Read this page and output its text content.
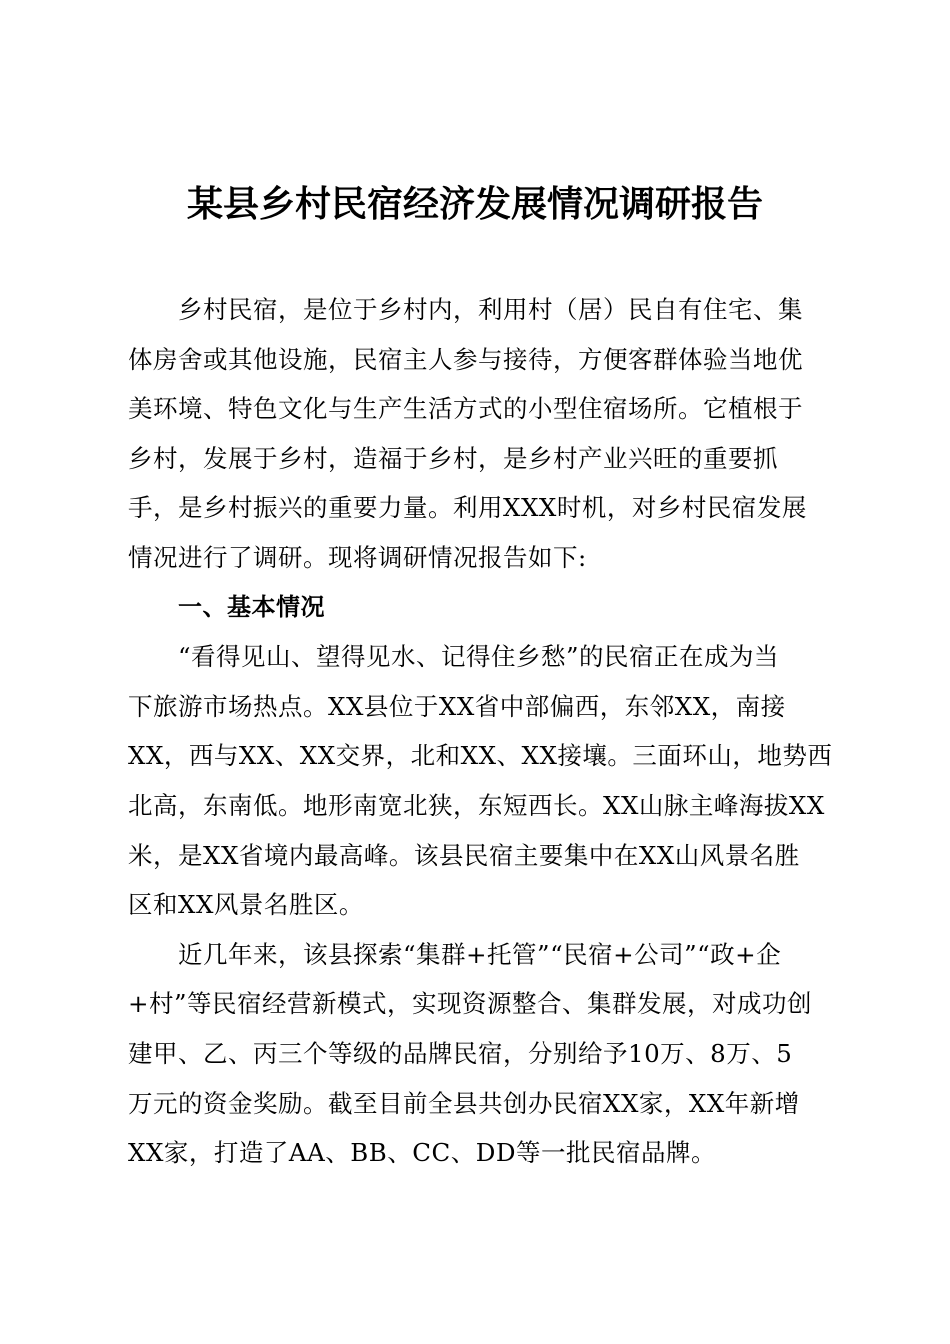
某县乡村民宿经济发展情况调研报告

乡村民宿，是位于乡村内，利用村（居）民自有住宅、集
体房舍或其他设施，民宿主人参与接待，方便客群体验当地优
美环境、特色文化与生产生活方式的小型住宿场所。它植根于
乡村，发展于乡村，造福于乡村，是乡村产业兴旺的重要抓
手，是乡村振兴的重要力量。利用XXX时机，对乡村民宿发展
情况进行了调研。现将调研情况报告如下:

一、基本情况

“看得见山、望得见水、记得住乡愁”的民宿正在成为当
下旅游市场热点。XX县位于XX省中部偏西，东邻XX，南接
XX，西与XX、XX交界，北和XX、XX接壤。三面环山，地势西
北高，东南低。地形南宽北狭，东短西长。XX山脉主峰海拔XX
米，是XX省境内最高峰。该县民宿主要集中在XX山风景名胜
区和XX风景名胜区。

近几年来，该县探索“集群+托管”“民宿+公司”“政+企
+村”等民宿经营新模式，实现资源整合、集群发展，对成功创
建甲、乙、丙三个等级的品牌民宿，分别给予10万、8万、5
万元的资金奖励。截至目前全县共创办民宿XX家，XX年新增
XX家，打造了AA、BB、CC、DD等一批民宿品牌。
